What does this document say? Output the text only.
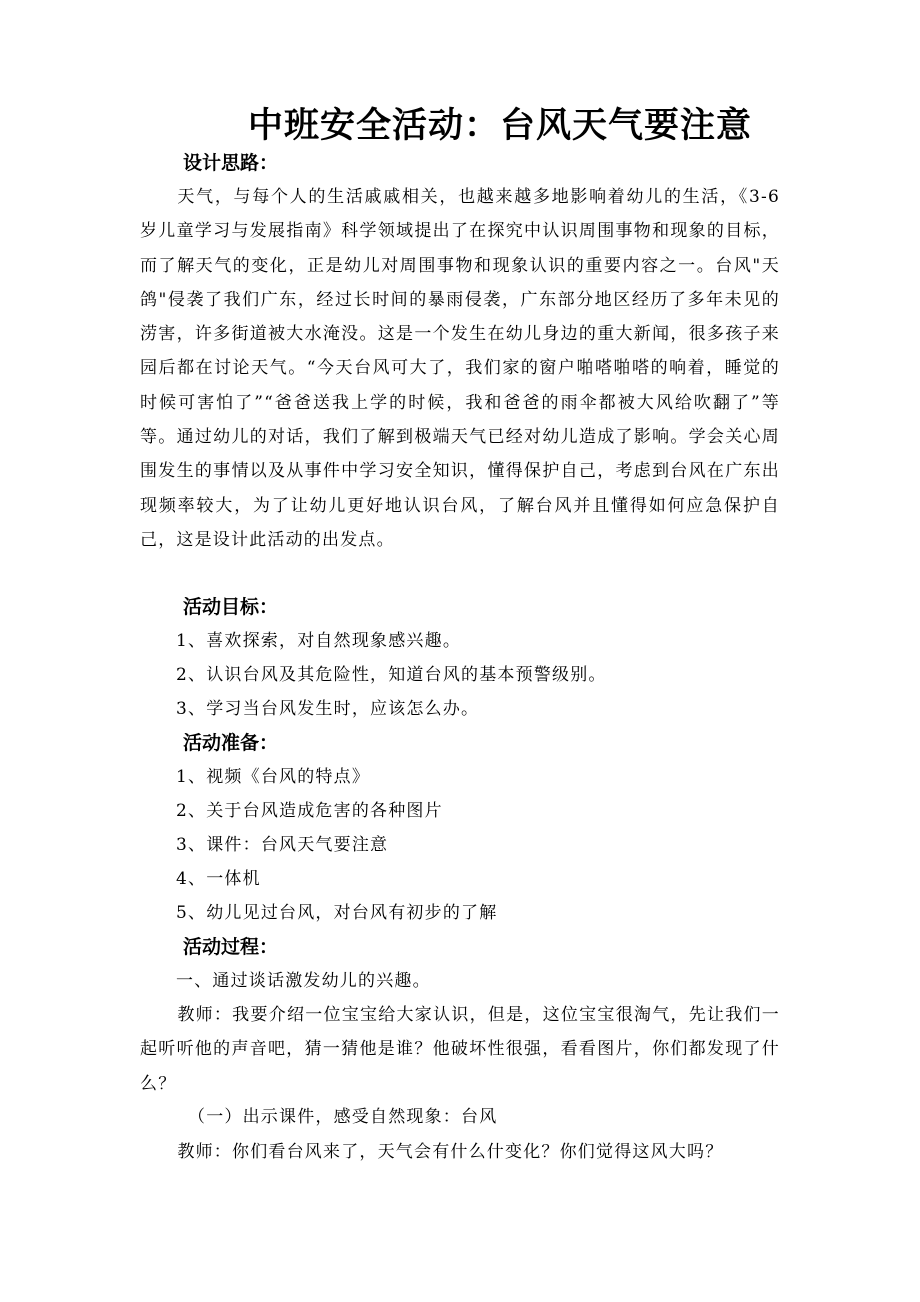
中班安全活动：台风天气要注意
设计思路：

天气，与每个人的生活戚戚相关，也越来越多地影响着幼儿的生活，《3-6岁儿童学习与发展指南》科学领域提出了在探究中认识周围事物和现象的目标，而了解天气的变化，正是幼儿对周围事物和现象认识的重要内容之一。台风"天鸽"侵袭了我们广东，经过长时间的暴雨侵袭，广东部分地区经历了多年未见的涝害，许多街道被大水淹没。这是一个发生在幼儿身边的重大新闻，很多孩子来园后都在讨论天气。“今天台风可大了，我们家的窗户啪嗒啪嗒的响着，睡觉的时候可害怕了”“爸爸送我上学的时候，我和爸爸的雨伞都被大风给吹翻了”等等。通过幼儿的对话，我们了解到极端天气已经对幼儿造成了影响。学会关心周围发生的事情以及从事件中学习安全知识，懂得保护自己，考虑到台风在广东出现频率较大，为了让幼儿更好地认识台风，了解台风并且懂得如何应急保护自己，这是设计此活动的出发点。

活动目标：
1、喜欢探索，对自然现象感兴趣。
2、认识台风及其危险性，知道台风的基本预警级别。
3、学习当台风发生时，应该怎么办。
活动准备：
1、视频《台风的特点》
2、关于台风造成危害的各种图片
3、课件：台风天气要注意
4、一体机
5、幼儿见过台风，对台风有初步的了解
活动过程：
一、通过谈话激发幼儿的兴趣。

教师：我要介绍一位宝宝给大家认识，但是，这位宝宝很淘气，先让我们一起听听他的声音吧，猜一猜他是谁？他破坏性很强，看看图片，你们都发现了什么？

（一）出示课件，感受自然现象：台风

教师：你们看台风来了，天气会有什么什变化？你们觉得这风大吗？
